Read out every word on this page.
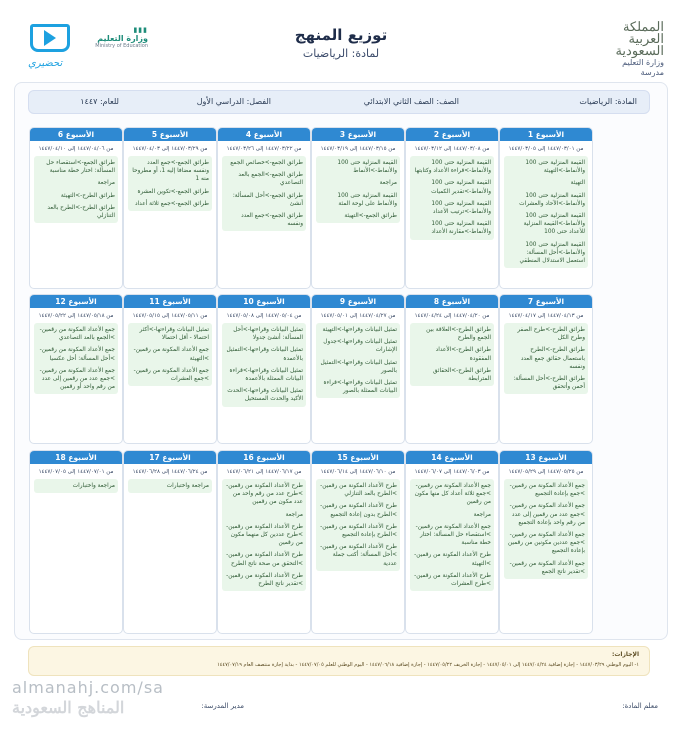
المملكة العربية السعودية
وزارة التعليم
مدرسة
توزيع المنهج
لمادة: الرياضيات
تحضيري
▮▮▮
وزارة التعليم
Ministry of Education
المادة: الرياضيات
الصف: الصف الثاني الابتدائي
الفصل: الدراسي الأول
للعام: ١٤٤٧
الأسبوع 1
من ١٤٤٧/٠٣/٠١ إلى ١٤٤٧/٠٣/٠٥
القيمة المنزلية حتى 100 والأنماط->التهيئة
التهيئة
القيمة المنزلية حتى 100 والأنماط->الآحاد والعشرات
القيمة المنزلية حتى 100 والأنماط->القيمة المنزلية للأعداد حتى 100
القيمة المنزلية حتى 100 والأنماط->أحل المسألة: استعمل الاستدلال المنطقي
الأسبوع 2
من ١٤٤٧/٠٣/٠٨ إلى ١٤٤٧/٠٣/١٢
القيمة المنزلية حتى 100 والأنماط->قراءة الأعداد وكتابتها
القيمة المنزلية حتى 100 والأنماط->تقدير الكميات
القيمة المنزلية حتى 100 والأنماط->ترتيب الأعداد
القيمة المنزلية حتى 100 والأنماط->مقارنة الأعداد
الأسبوع 3
من ١٤٤٧/٠٣/١٥ إلى ١٤٤٧/٠٣/١٩
القيمة المنزلية حتى 100 والأنماط->الأنماط
مراجعة
القيمة المنزلية حتى 100 والأنماط على لوحة المئة
طرائق الجمع->التهيئة
الأسبوع 4
من ١٤٤٧/٠٣/٢٢ إلى ١٤٤٧/٠٣/٢٦
طرائق الجمع->خصائص الجمع
طرائق الجمع->الجمع بالعد التصاعدي
طرائق الجمع->أحل المسألة: أنشئ
طرائق الجمع->جمع العدد ونفسه
الأسبوع 5
من ١٤٤٧/٠٣/٢٩ إلى ١٤٤٧/٠٤/٠٣
طرائق الجمع->جمع العدد ونفسه مضافا إليه 1، أو مطروحا منه 1
طرائق الجمع->تكوين العشرة
طرائق الجمع->جمع ثلاثة أعداد
الأسبوع 6
من ١٤٤٧/٠٤/٠٦ إلى ١٤٤٧/٠٤/١٠
طرائق الجمع->استقصاء حل المسألة: اختار خطة مناسبة
مراجعة
طرائق الطرح->التهيئة
طرائق الطرح->الطرح بالعد التنازلي
الأسبوع 7
من ١٤٤٧/٠٤/١٣ إلى ١٤٤٧/٠٤/١٧
طرائق الطرح->طرح الصفر وطرح الكل
طرائق الطرح->الطرح باستعمال حقائق جمع العدد ونفسه
طرائق الطرح->أحل المسألة: أخمن وأتحقق
الأسبوع 8
من ١٤٤٧/٠٤/٢٠ إلى ١٤٤٧/٠٤/٢٤
طرائق الطرح->العلاقة بين الجمع والطرح
طرائق الطرح->الأعداد المفقودة
طرائق الطرح->الحقائق المترابطة
الأسبوع 9
من ١٤٤٧/٠٤/٢٧ إلى ١٤٤٧/٠٥/٠١
تمثيل البيانات وقراءتها->التهيئة
تمثيل البيانات وقراءتها->جدول الإشارات
تمثيل البيانات وقراءتها->التمثيل بالصور
تمثيل البيانات وقراءتها->قراءة البيانات الممثلة بالصور
الأسبوع 10
من ١٤٤٧/٠٥/٠٤ إلى ١٤٤٧/٠٥/٠٨
تمثيل البيانات وقراءتها->أحل المسألة: أنشئ جدولا
تمثيل البيانات وقراءتها->التمثيل بالأعمدة
تمثيل البيانات وقراءتها->قراءة البيانات الممثلة بالأعمدة
تمثيل البيانات وقراءتها->الحدث الأكيد والحدث المستحيل
الأسبوع 11
من ١٤٤٧/٠٥/١١ إلى ١٤٤٧/٠٥/١٥
تمثيل البيانات وقراءتها->أكثر احتمالا - أقل احتمالا
جمع الأعداد المكونة من رقمين->التهيئة
جمع الأعداد المكونة من رقمين->جمع العشرات
الأسبوع 12
من ١٤٤٧/٠٥/١٨ إلى ١٤٤٧/٠٥/٢٢
جمع الأعداد المكونة من رقمين->الجمع بالعد التصاعدي
جمع الأعداد المكونة من رقمين->أحل المسألة: أحل عكسيا
جمع الأعداد المكونة من رقمين->جمع عدد من رقمين إلى عدد من رقم واحد أو رقمين
الأسبوع 13
من ١٤٤٧/٠٥/٢٥ إلى ١٤٤٧/٠٥/٢٩
جمع الأعداد المكونة من رقمين->جمع بإعادة التجميع
جمع الأعداد المكونة من رقمين->جمع عدد من رقمين إلى عدد من رقم واحد بإعادة التجميع
جمع الأعداد المكونة من رقمين->جمع عددين مكونين من رقمين بإعادة التجميع
جمع الأعداد المكونة من رقمين->تقدير ناتج الجمع
الأسبوع 14
من ١٤٤٧/٠٦/٠٣ إلى ١٤٤٧/٠٦/٠٧
جمع الأعداد المكونة من رقمين->جمع ثلاثة أعداد كل منها مكون من رقمين
مراجعة
جمع الأعداد المكونة من رقمين->استقصاء حل المسألة: اختار خطة مناسبة
طرح الأعداد المكونة من رقمين->التهيئة
طرح الأعداد المكونة من رقمين->طرح العشرات
الأسبوع 15
من ١٤٤٧/٠٦/١٠ إلى ١٤٤٧/٠٦/١٤
طرح الأعداد المكونة من رقمين->الطرح بالعد التنازلي
طرح الأعداد المكونة من رقمين->الطرح بدون إعادة التجميع
طرح الأعداد المكونة من رقمين->الطرح بإعادة التجميع
طرح الأعداد المكونة من رقمين->أحل المسألة: أكتب جملة عددية
الأسبوع 16
من ١٤٤٧/٠٦/١٧ إلى ١٤٤٧/٠٦/٢١
طرح الأعداد المكونة من رقمين->طرح عدد من رقم واحد من عدد مكون من رقمين
مراجعة
طرح الأعداد المكونة من رقمين->طرح عددين كل منهما مكون من رقمين
طرح الأعداد المكونة من رقمين->التحقق من صحة ناتج الطرح
طرح الأعداد المكونة من رقمين->تقدير ناتج الطرح
الأسبوع 17
من ١٤٤٧/٠٦/٢٤ إلى ١٤٤٧/٠٦/٢٨
مراجعة واختبارات
الأسبوع 18
من ١٤٤٧/٠٧/٠١ إلى ١٤٤٧/٠٧/٠٥
مراجعة واختبارات
الإجازات:
١- اليوم الوطني ١٤٤٧/٠٣/٢٩ - إجازة إضافية ١٤٤٧/٠٤/٢٤ إلى ١٤٤٧/٠٥/٠١ - إجازة الخريف ١٤٤٧/٠٥/٢٢ - إجازة إضافية ١٤٤٧/٠٦/١٨ - اليوم الوطني للعلم ١٤٤٧/٠٧/٠٥ - بداية إجازة منتصف العام ١٤٤٧/٠٧/١٩
معلم المادة:
مدير المدرسة:
almanahj.com/sa
المناهج السعودية
